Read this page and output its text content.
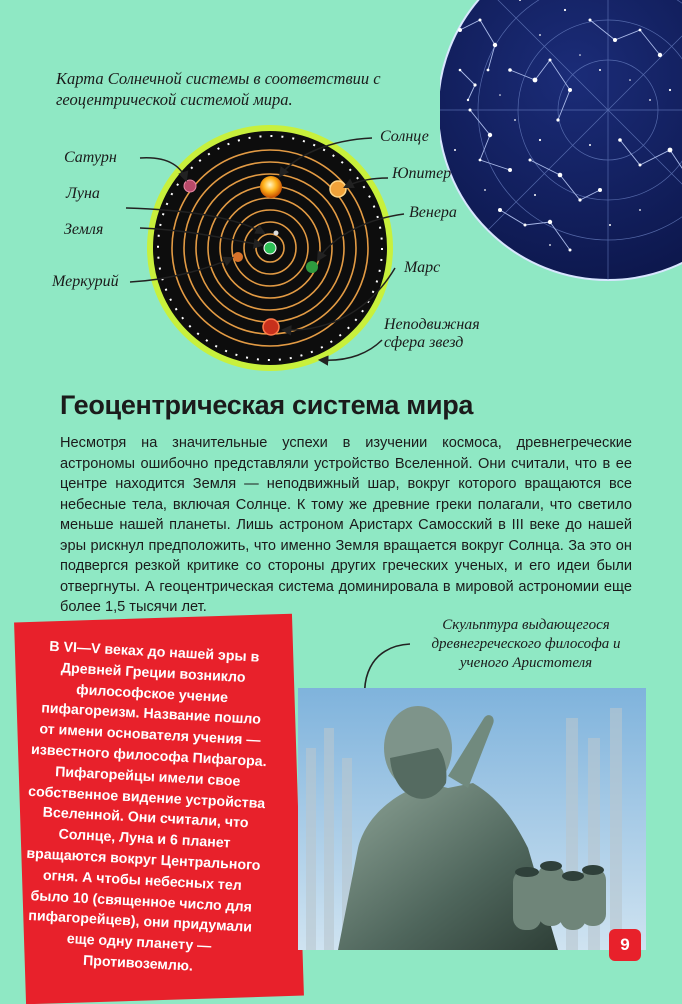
Карта Солнечной системы в соответствии с геоцентрической системой мира.
Сатурн
Луна
Земля
Меркурий
Солнце
Юпитер
Венера
Марс
Неподвижная
сфера звезд
Геоцентрическая система мира

Несмотря на значительные успехи в изучении космоса, древнегреческие астрономы ошибочно представляли устройство Вселенной. Они считали, что в ее центре находится Земля — неподвижный шар, вокруг которого вращаются все небесные тела, включая Солнце. К тому же древние греки полагали, что светило меньше нашей планеты. Лишь астроном Аристарх Самосский в III веке до нашей эры рискнул предположить, что именно Земля вращается вокруг Солнца. За это он подвергся резкой критике со стороны других греческих ученых, и его идеи были отвергнуты. А геоцентрическая система доминировала в мировой астрономии еще более 1,5 тысячи лет.

В VI—V веках до нашей эры в Древней Греции возникло философское учение пифагореизм. Название пошло от имени основателя учения — известного философа Пифагора. Пифагорейцы имели свое собственное видение устройства Вселенной. Они считали, что Солнце, Луна и 6 планет вращаются вокруг Центрального огня. А чтобы небесных тел было 10 (священное число для пифагорейцев), они придумали еще одну планету — Противоземлю.

Скульптура выдающегося древнегреческого философа и ученого Аристотеля
9
